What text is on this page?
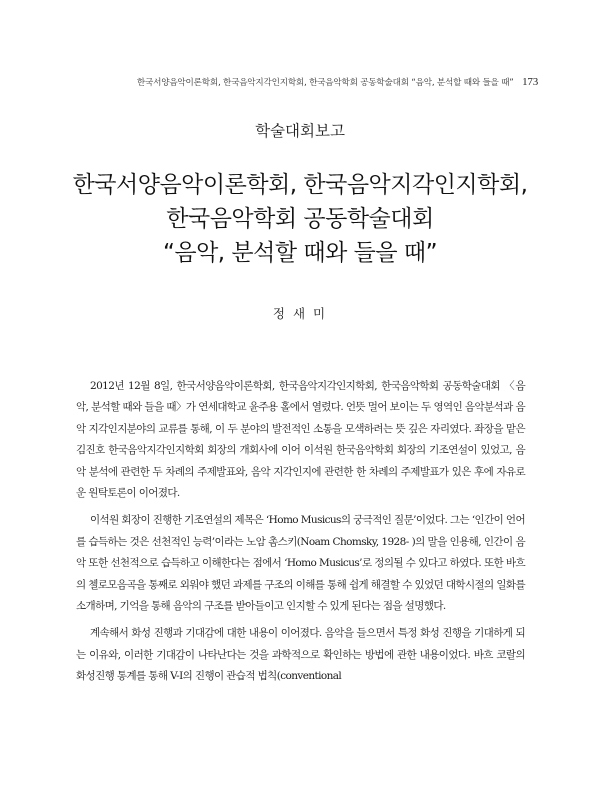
한국서양음악이론학회, 한국음악지각인지학회, 한국음악학회 공동학술대회 “음악, 분석할 때와 들을 때” 173
학술대회보고
한국서양음악이론학회, 한국음악지각인지학회,
한국음악학회 공동학술대회
“음악, 분석할 때와 들을 때”
정 새 미

2012년 12월 8일, 한국서양음악이론학회, 한국음악지각인지학회, 한국음악학회 공동학술대회 〈음악, 분석할 때와 들을 때〉가 연세대학교 윤주용 홀에서 열렸다. 언뜻 멀어 보이는 두 영역인 음악분석과 음악 지각인지분야의 교류를 통해, 이 두 분야의 발전적인 소통을 모색하려는 뜻 깊은 자리였다. 좌장을 맡은 김진호 한국음악지각인지학회 회장의 개회사에 이어 이석원 한국음악학회 회장의 기조연설이 있었고, 음악 분석에 관련한 두 차례의 주제발표와, 음악 지각인지에 관련한 한 차례의 주제발표가 있은 후에 자유로운 원탁토론이 이어졌다.

이석원 회장이 진행한 기조연설의 제목은 ‘Homo Musicus의 궁극적인 질문’이었다. 그는 ‘인간이 언어를 습득하는 것은 선천적인 능력’이라는 노암 촘스키(Noam Chomsky, 1928- )의 말을 인용해, 인간이 음악 또한 선천적으로 습득하고 이해한다는 점에서 ‘Homo Musicus’로 정의될 수 있다고 하였다. 또한 바흐의 첼로모음곡을 통째로 외워야 했던 과제를 구조의 이해를 통해 쉽게 해결할 수 있었던 대학시절의 일화를 소개하며, 기억을 통해 음악의 구조를 받아들이고 인지할 수 있게 된다는 점을 설명했다.

계속해서 화성 진행과 기대감에 대한 내용이 이어졌다. 음악을 들으면서 특정 화성 진행을 기대하게 되는 이유와, 이러한 기대감이 나타난다는 것을 과학적으로 확인하는 방법에 관한 내용이었다. 바흐 코랄의 화성진행 통계를 통해 V-I의 진행이 관습적 법칙(conventional
